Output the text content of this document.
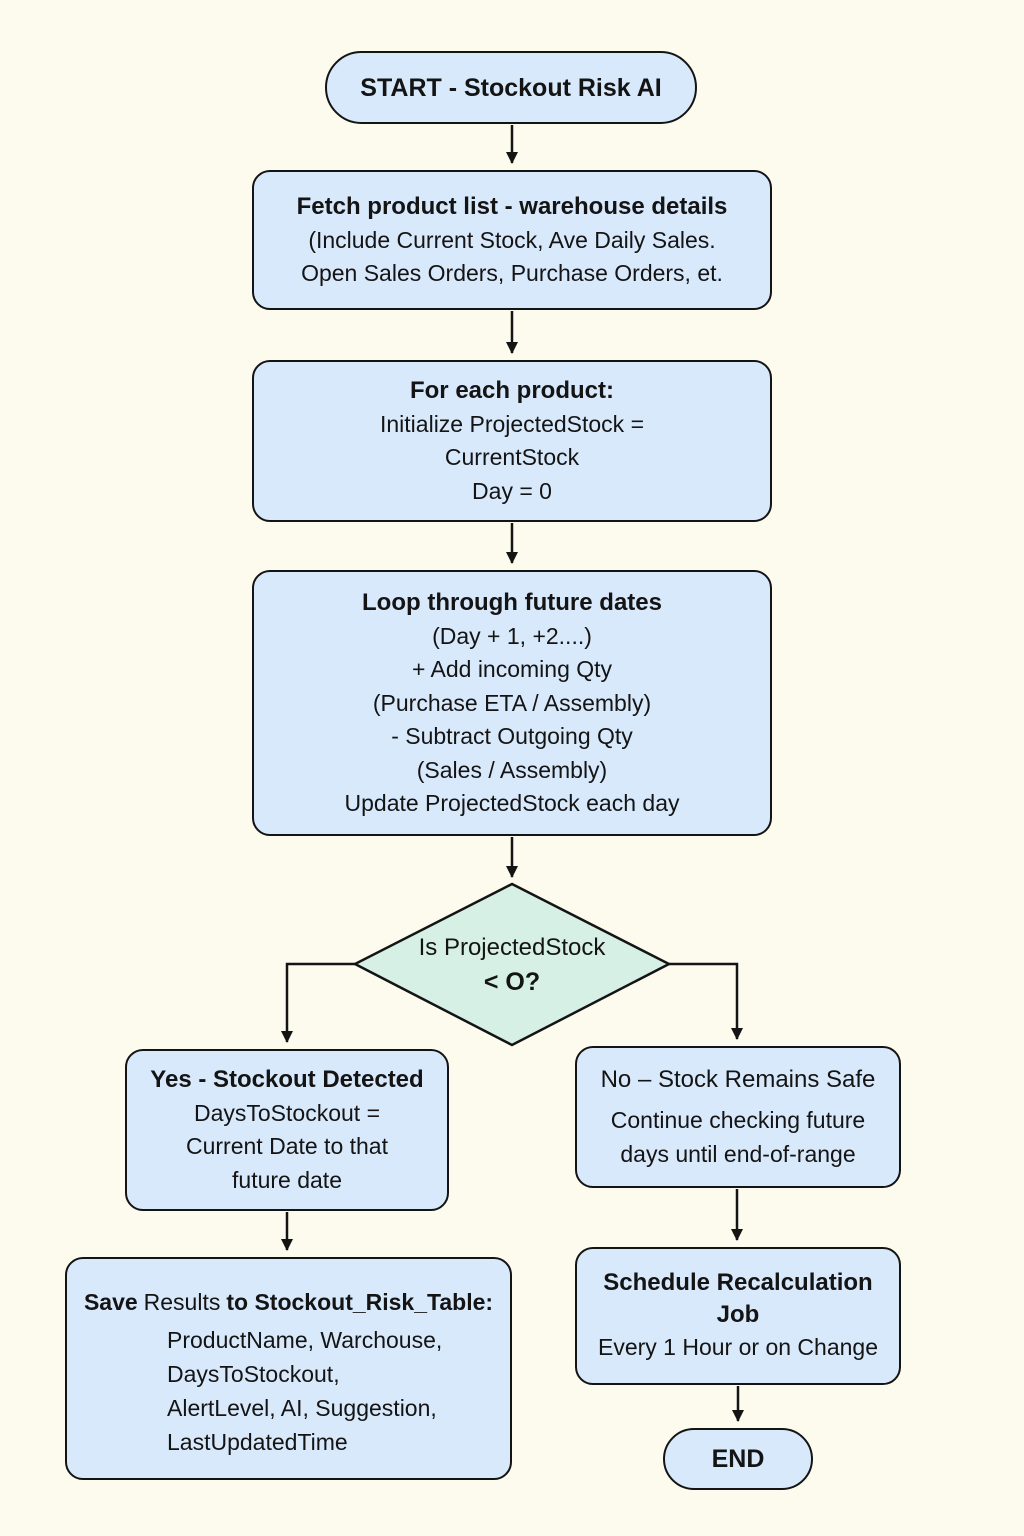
START - Stockout Risk AI
Fetch product list - warehouse details
(Include Current Stock, Ave Daily Sales.
Open Sales Orders, Purchase Orders, et.
For each product:
Initialize ProjectedStock =
CurrentStock
Day = 0
Loop through future dates
(Day + 1, +2....)
+ Add incoming Qty
(Purchase ETA / Assembly)
- Subtract Outgoing Qty
(Sales / Assembly)
Update ProjectedStock each day
Is ProjectedStock
< O?
Yes - Stockout Detected
DaysToStockout =
Current Date to that
future date
No – Stock Remains Safe
Continue checking future
days until end-of-range
Save Results to Stockout_Risk_Table:
ProductName, Warchouse,
DaysToStockout,
AlertLevel, AI, Suggestion,
LastUpdatedTime
Schedule Recalculation Job
Every 1 Hour or on Change
END
